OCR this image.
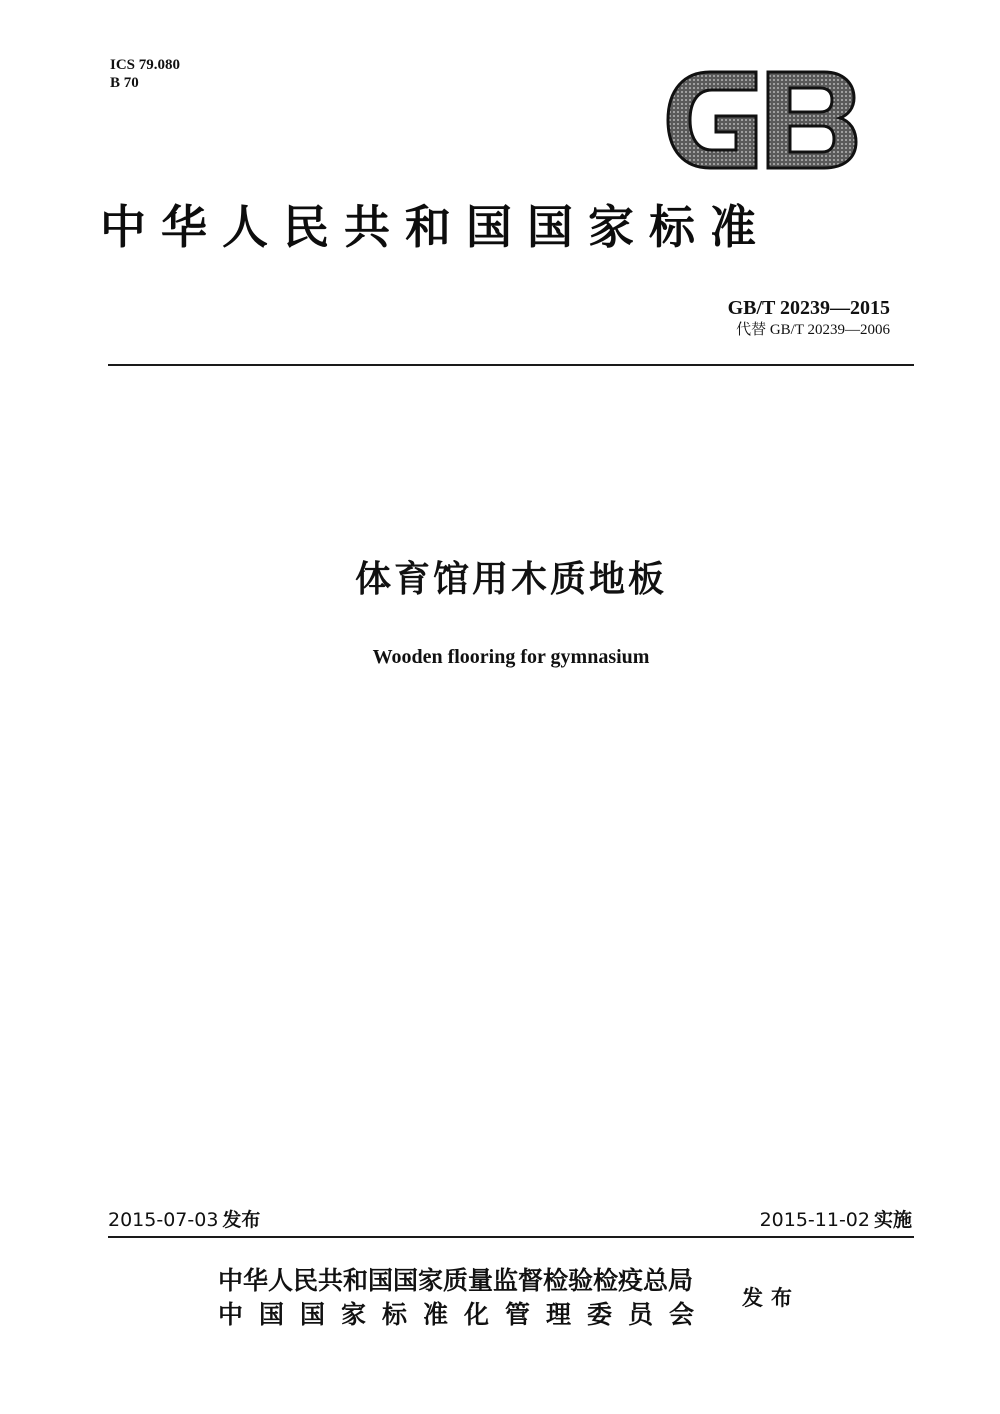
ICS 79.080
B 70
中华人民共和国国家标准
GB/T 20239—2015
代替 GB/T 20239—2006
体育馆用木质地板
Wooden flooring for gymnasium
2015-07-03 发布	2015-11-02 实施
中华人民共和国国家质量监督检验检疫总局
中国国家标准化管理委员会
发布
